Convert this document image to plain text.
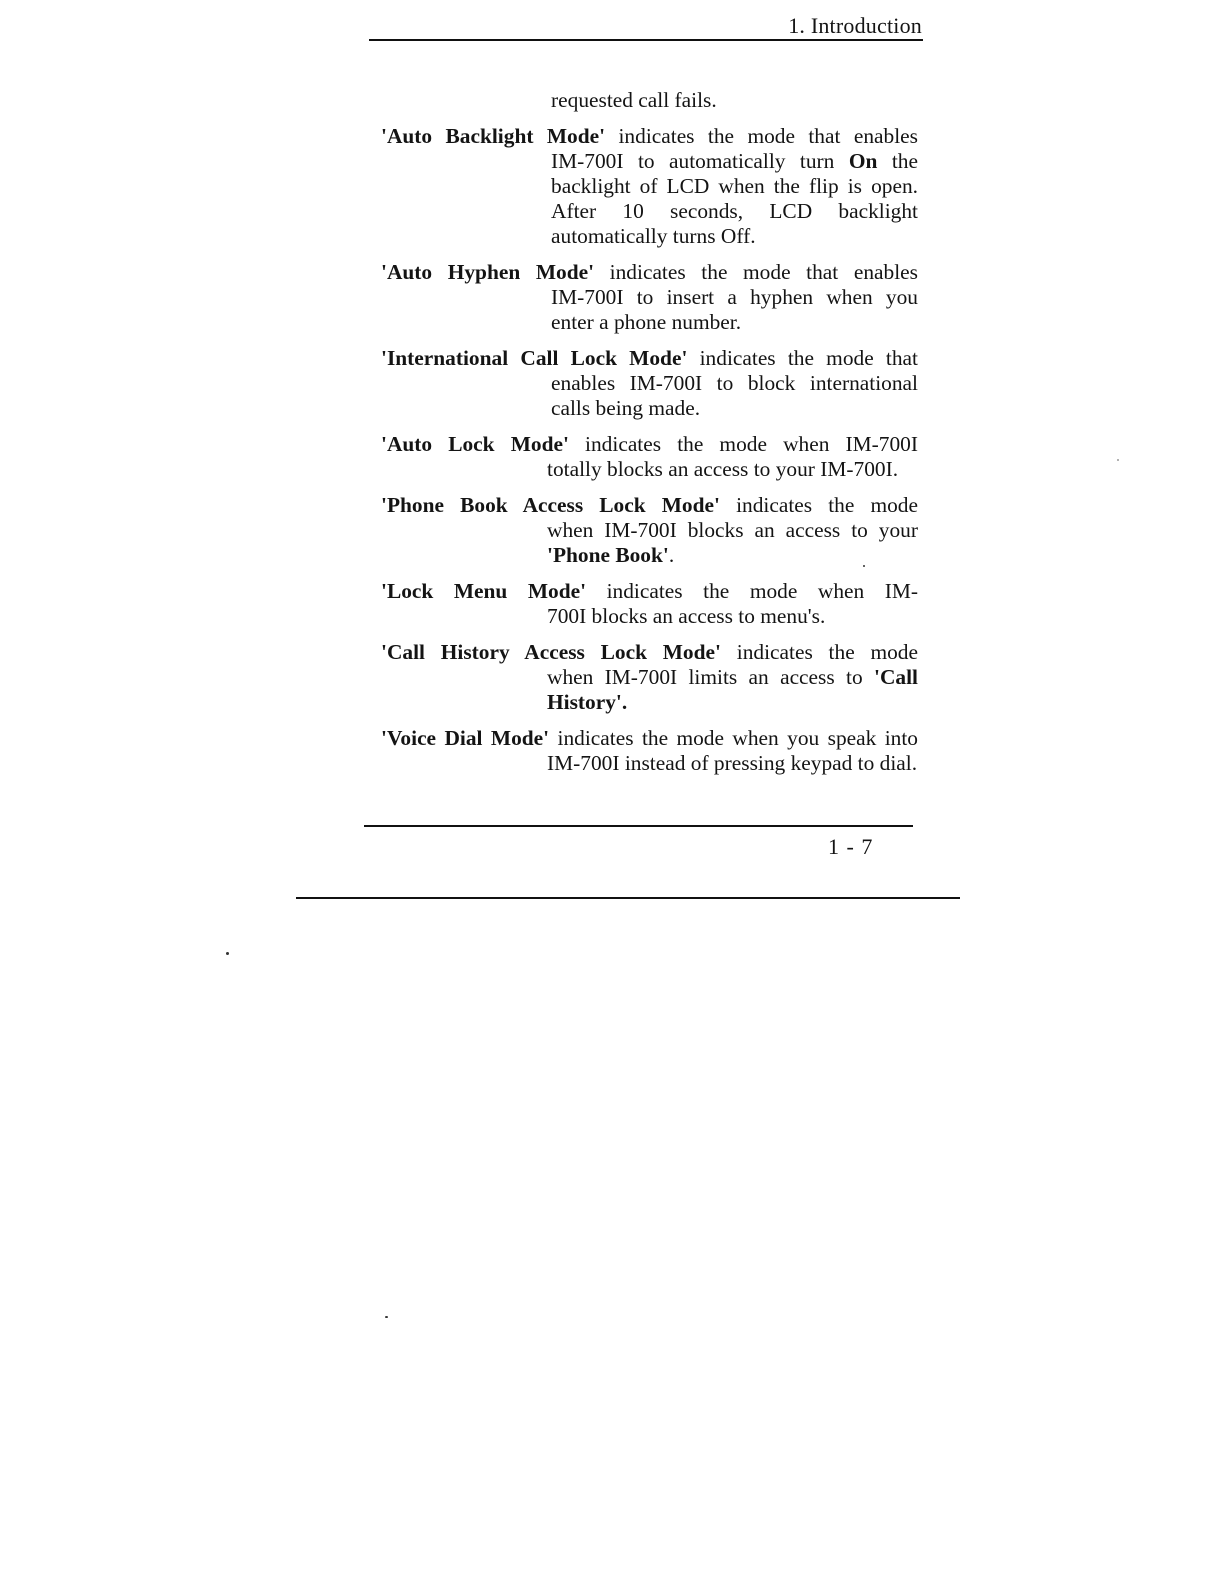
1. Introduction

requested call fails.

'Auto Backlight Mode' indicates the mode that enables
IM-700I to automatically turn On the backlight of LCD when the flip is open. After 10 seconds, LCD backlight automatically turns Off.
'Auto Hyphen Mode' indicates the mode that enables
IM-700I to insert a hyphen when you enter a phone number.
'International Call Lock Mode' indicates the mode that
enables IM-700I to block international calls being made.
'Auto Lock Mode' indicates the mode when IM-700I
totally blocks an access to your IM-700I.
'Phone Book Access Lock Mode' indicates the mode
when IM-700I blocks an access to your 'Phone Book'.
'Lock Menu Mode' indicates the mode when IM-
700I blocks an access to menu's.
'Call History Access Lock Mode' indicates the mode
when IM-700I limits an access to 'Call History'.
'Voice Dial Mode' indicates the mode when you speak into
IM-700I instead of pressing keypad to dial.
1 - 7
